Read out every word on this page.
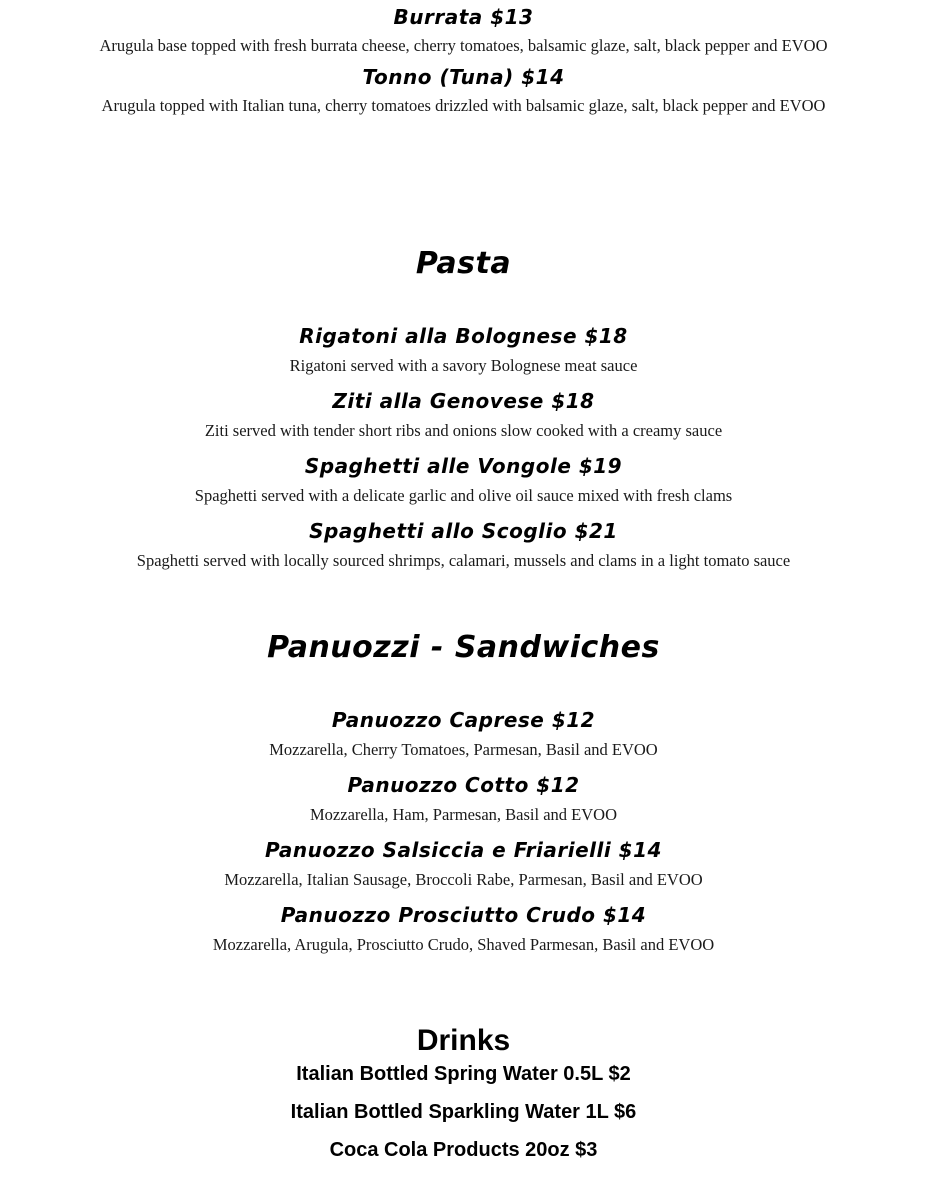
Burrata $13
Arugula base topped with fresh burrata cheese, cherry tomatoes, balsamic glaze, salt, black pepper and EVOO
Tonno (Tuna) $14
Arugula topped with Italian tuna, cherry tomatoes drizzled with balsamic glaze, salt, black pepper and EVOO
Pasta
Rigatoni alla Bolognese $18
Rigatoni served with a savory Bolognese meat sauce
Ziti alla Genovese $18
Ziti served with tender short ribs and onions slow cooked with a creamy sauce
Spaghetti alle Vongole $19
Spaghetti served with a delicate garlic and olive oil sauce mixed with fresh clams
Spaghetti allo Scoglio $21
Spaghetti served with locally sourced shrimps, calamari, mussels and clams in a light tomato sauce
Panuozzi - Sandwiches
Panuozzo Caprese $12
Mozzarella, Cherry Tomatoes, Parmesan, Basil and EVOO
Panuozzo Cotto $12
Mozzarella, Ham, Parmesan, Basil and EVOO
Panuozzo Salsiccia e Friarielli $14
Mozzarella, Italian Sausage, Broccoli Rabe, Parmesan, Basil and EVOO
Panuozzo Prosciutto Crudo $14
Mozzarella, Arugula, Prosciutto Crudo, Shaved Parmesan, Basil and EVOO
Drinks
Italian Bottled Spring Water 0.5L $2
Italian Bottled Sparkling Water 1L $6
Coca Cola Products 20oz $3
